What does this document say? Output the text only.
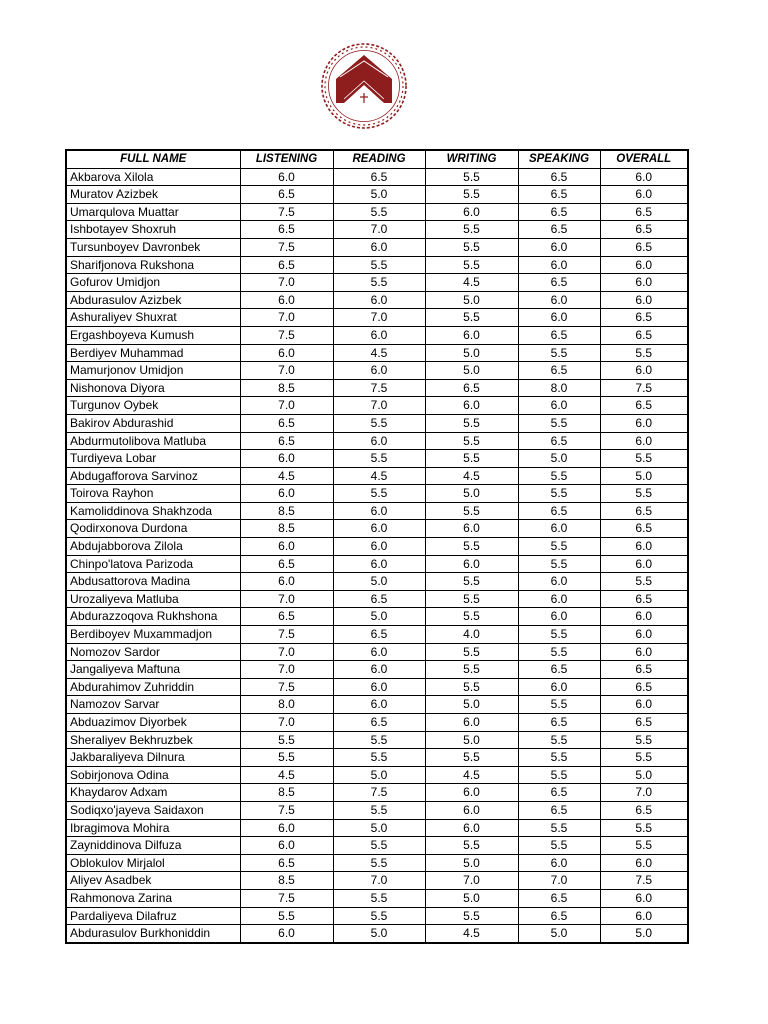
FULL NAME	LISTENING	READING	WRITING	SPEAKING	OVERALL
Akbarova Xilola	6.0	6.5	5.5	6.5	6.0
Muratov Azizbek	6.5	5.0	5.5	6.5	6.0
Umarqulova Muattar	7.5	5.5	6.0	6.5	6.5
Ishbotayev Shoxruh	6.5	7.0	5.5	6.5	6.5
Tursunboyev Davronbek	7.5	6.0	5.5	6.0	6.5
Sharifjonova Rukshona	6.5	5.5	5.5	6.0	6.0
Gofurov Umidjon	7.0	5.5	4.5	6.5	6.0
Abdurasulov Azizbek	6.0	6.0	5.0	6.0	6.0
Ashuraliyev Shuxrat	7.0	7.0	5.5	6.0	6.5
Ergashboyeva Kumush	7.5	6.0	6.0	6.5	6.5
Berdiyev Muhammad	6.0	4.5	5.0	5.5	5.5
Mamurjonov Umidjon	7.0	6.0	5.0	6.5	6.0
Nishonova Diyora	8.5	7.5	6.5	8.0	7.5
Turgunov Oybek	7.0	7.0	6.0	6.0	6.5
Bakirov Abdurashid	6.5	5.5	5.5	5.5	6.0
Abdurmutolibova Matluba	6.5	6.0	5.5	6.5	6.0
Turdiyeva Lobar	6.0	5.5	5.5	5.0	5.5
Abdugafforova Sarvinoz	4.5	4.5	4.5	5.5	5.0
Toirova Rayhon	6.0	5.5	5.0	5.5	5.5
Kamoliddinova Shakhzoda	8.5	6.0	5.5	6.5	6.5
Qodirxonova Durdona	8.5	6.0	6.0	6.0	6.5
Abdujabborova Zilola	6.0	6.0	5.5	5.5	6.0
Chinpo'latova Parizoda	6.5	6.0	6.0	5.5	6.0
Abdusattorova Madina	6.0	5.0	5.5	6.0	5.5
Urozaliyeva Matluba	7.0	6.5	5.5	6.0	6.5
Abdurazzoqova Rukhshona	6.5	5.0	5.5	6.0	6.0
Berdiboyev Muxammadjon	7.5	6.5	4.0	5.5	6.0
Nomozov Sardor	7.0	6.0	5.5	5.5	6.0
Jangaliyeva Maftuna	7.0	6.0	5.5	6.5	6.5
Abdurahimov Zuhriddin	7.5	6.0	5.5	6.0	6.5
Namozov Sarvar	8.0	6.0	5.0	5.5	6.0
Abduazimov Diyorbek	7.0	6.5	6.0	6.5	6.5
Sheraliyev Bekhruzbek	5.5	5.5	5.0	5.5	5.5
Jakbaraliyeva Dilnura	5.5	5.5	5.5	5.5	5.5
Sobirjonova Odina	4.5	5.0	4.5	5.5	5.0
Khaydarov Adxam	8.5	7.5	6.0	6.5	7.0
Sodiqxo'jayeva Saidaxon	7.5	5.5	6.0	6.5	6.5
Ibragimova Mohira	6.0	5.0	6.0	5.5	5.5
Zayniddinova Dilfuza	6.0	5.5	5.5	5.5	5.5
Oblokulov Mirjalol	6.5	5.5	5.0	6.0	6.0
Aliyev Asadbek	8.5	7.0	7.0	7.0	7.5
Rahmonova Zarina	7.5	5.5	5.0	6.5	6.0
Pardaliyeva Dilafruz	5.5	5.5	5.5	6.5	6.0
Abdurasulov Burkhoniddin	6.0	5.0	4.5	5.0	5.0
